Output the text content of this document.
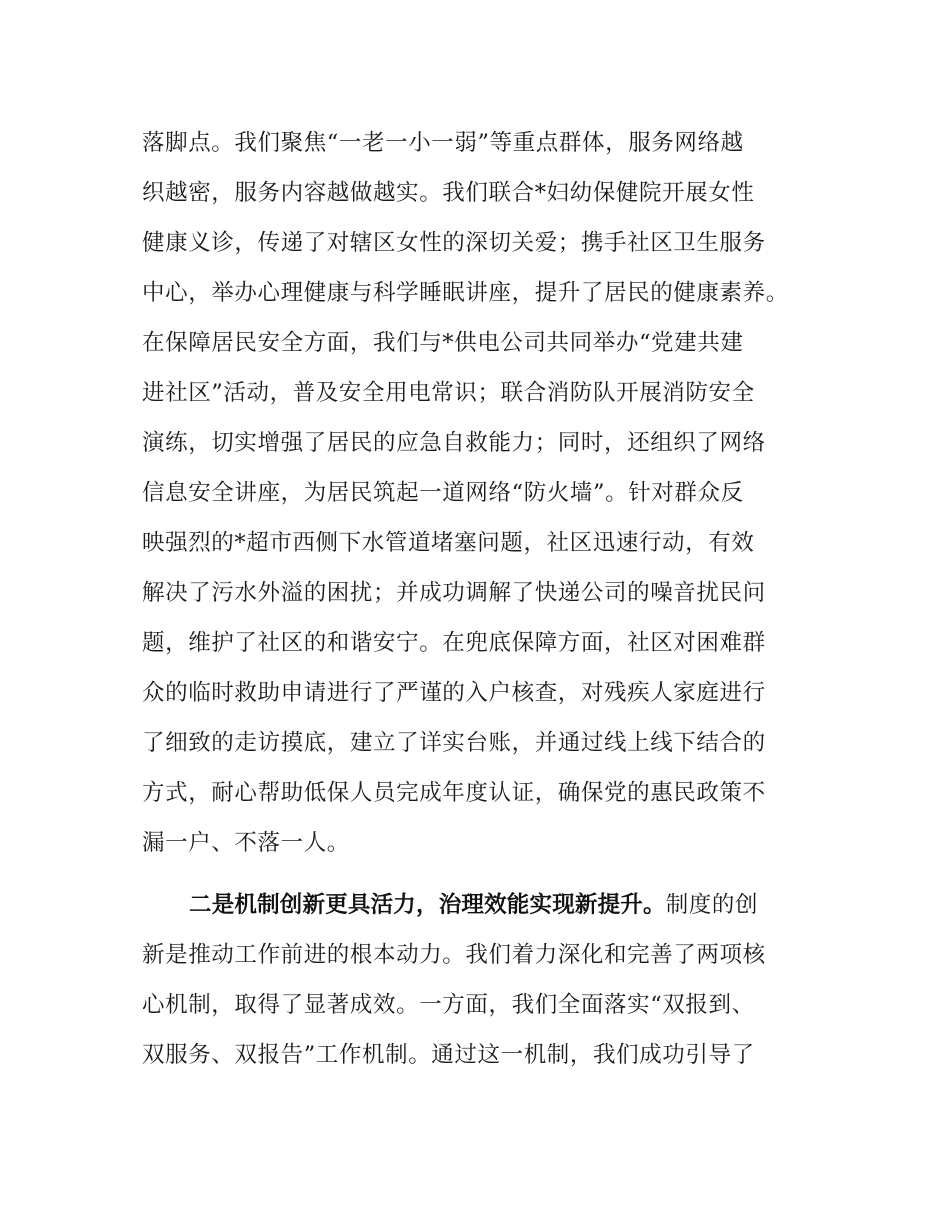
落脚点。我们聚焦“一老一小一弱”等重点群体，服务网络越
织越密，服务内容越做越实。我们联合*妇幼保健院开展女性
健康义诊，传递了对辖区女性的深切关爱；携手社区卫生服务
中心，举办心理健康与科学睡眠讲座，提升了居民的健康素养。
在保障居民安全方面，我们与*供电公司共同举办“党建共建
进社区”活动，普及安全用电常识；联合消防队开展消防安全
演练，切实增强了居民的应急自救能力；同时，还组织了网络
信息安全讲座，为居民筑起一道网络“防火墙”。针对群众反
映强烈的*超市西侧下水管道堵塞问题，社区迅速行动，有效
解决了污水外溢的困扰；并成功调解了快递公司的噪音扰民问
题，维护了社区的和谐安宁。在兜底保障方面，社区对困难群
众的临时救助申请进行了严谨的入户核查，对残疾人家庭进行
了细致的走访摸底，建立了详实台账，并通过线上线下结合的
方式，耐心帮助低保人员完成年度认证，确保党的惠民政策不
漏一户、不落一人。
二是机制创新更具活力，治理效能实现新提升。制度的创
新是推动工作前进的根本动力。我们着力深化和完善了两项核
心机制，取得了显著成效。一方面，我们全面落实“双报到、
双服务、双报告”工作机制。通过这一机制，我们成功引导了
